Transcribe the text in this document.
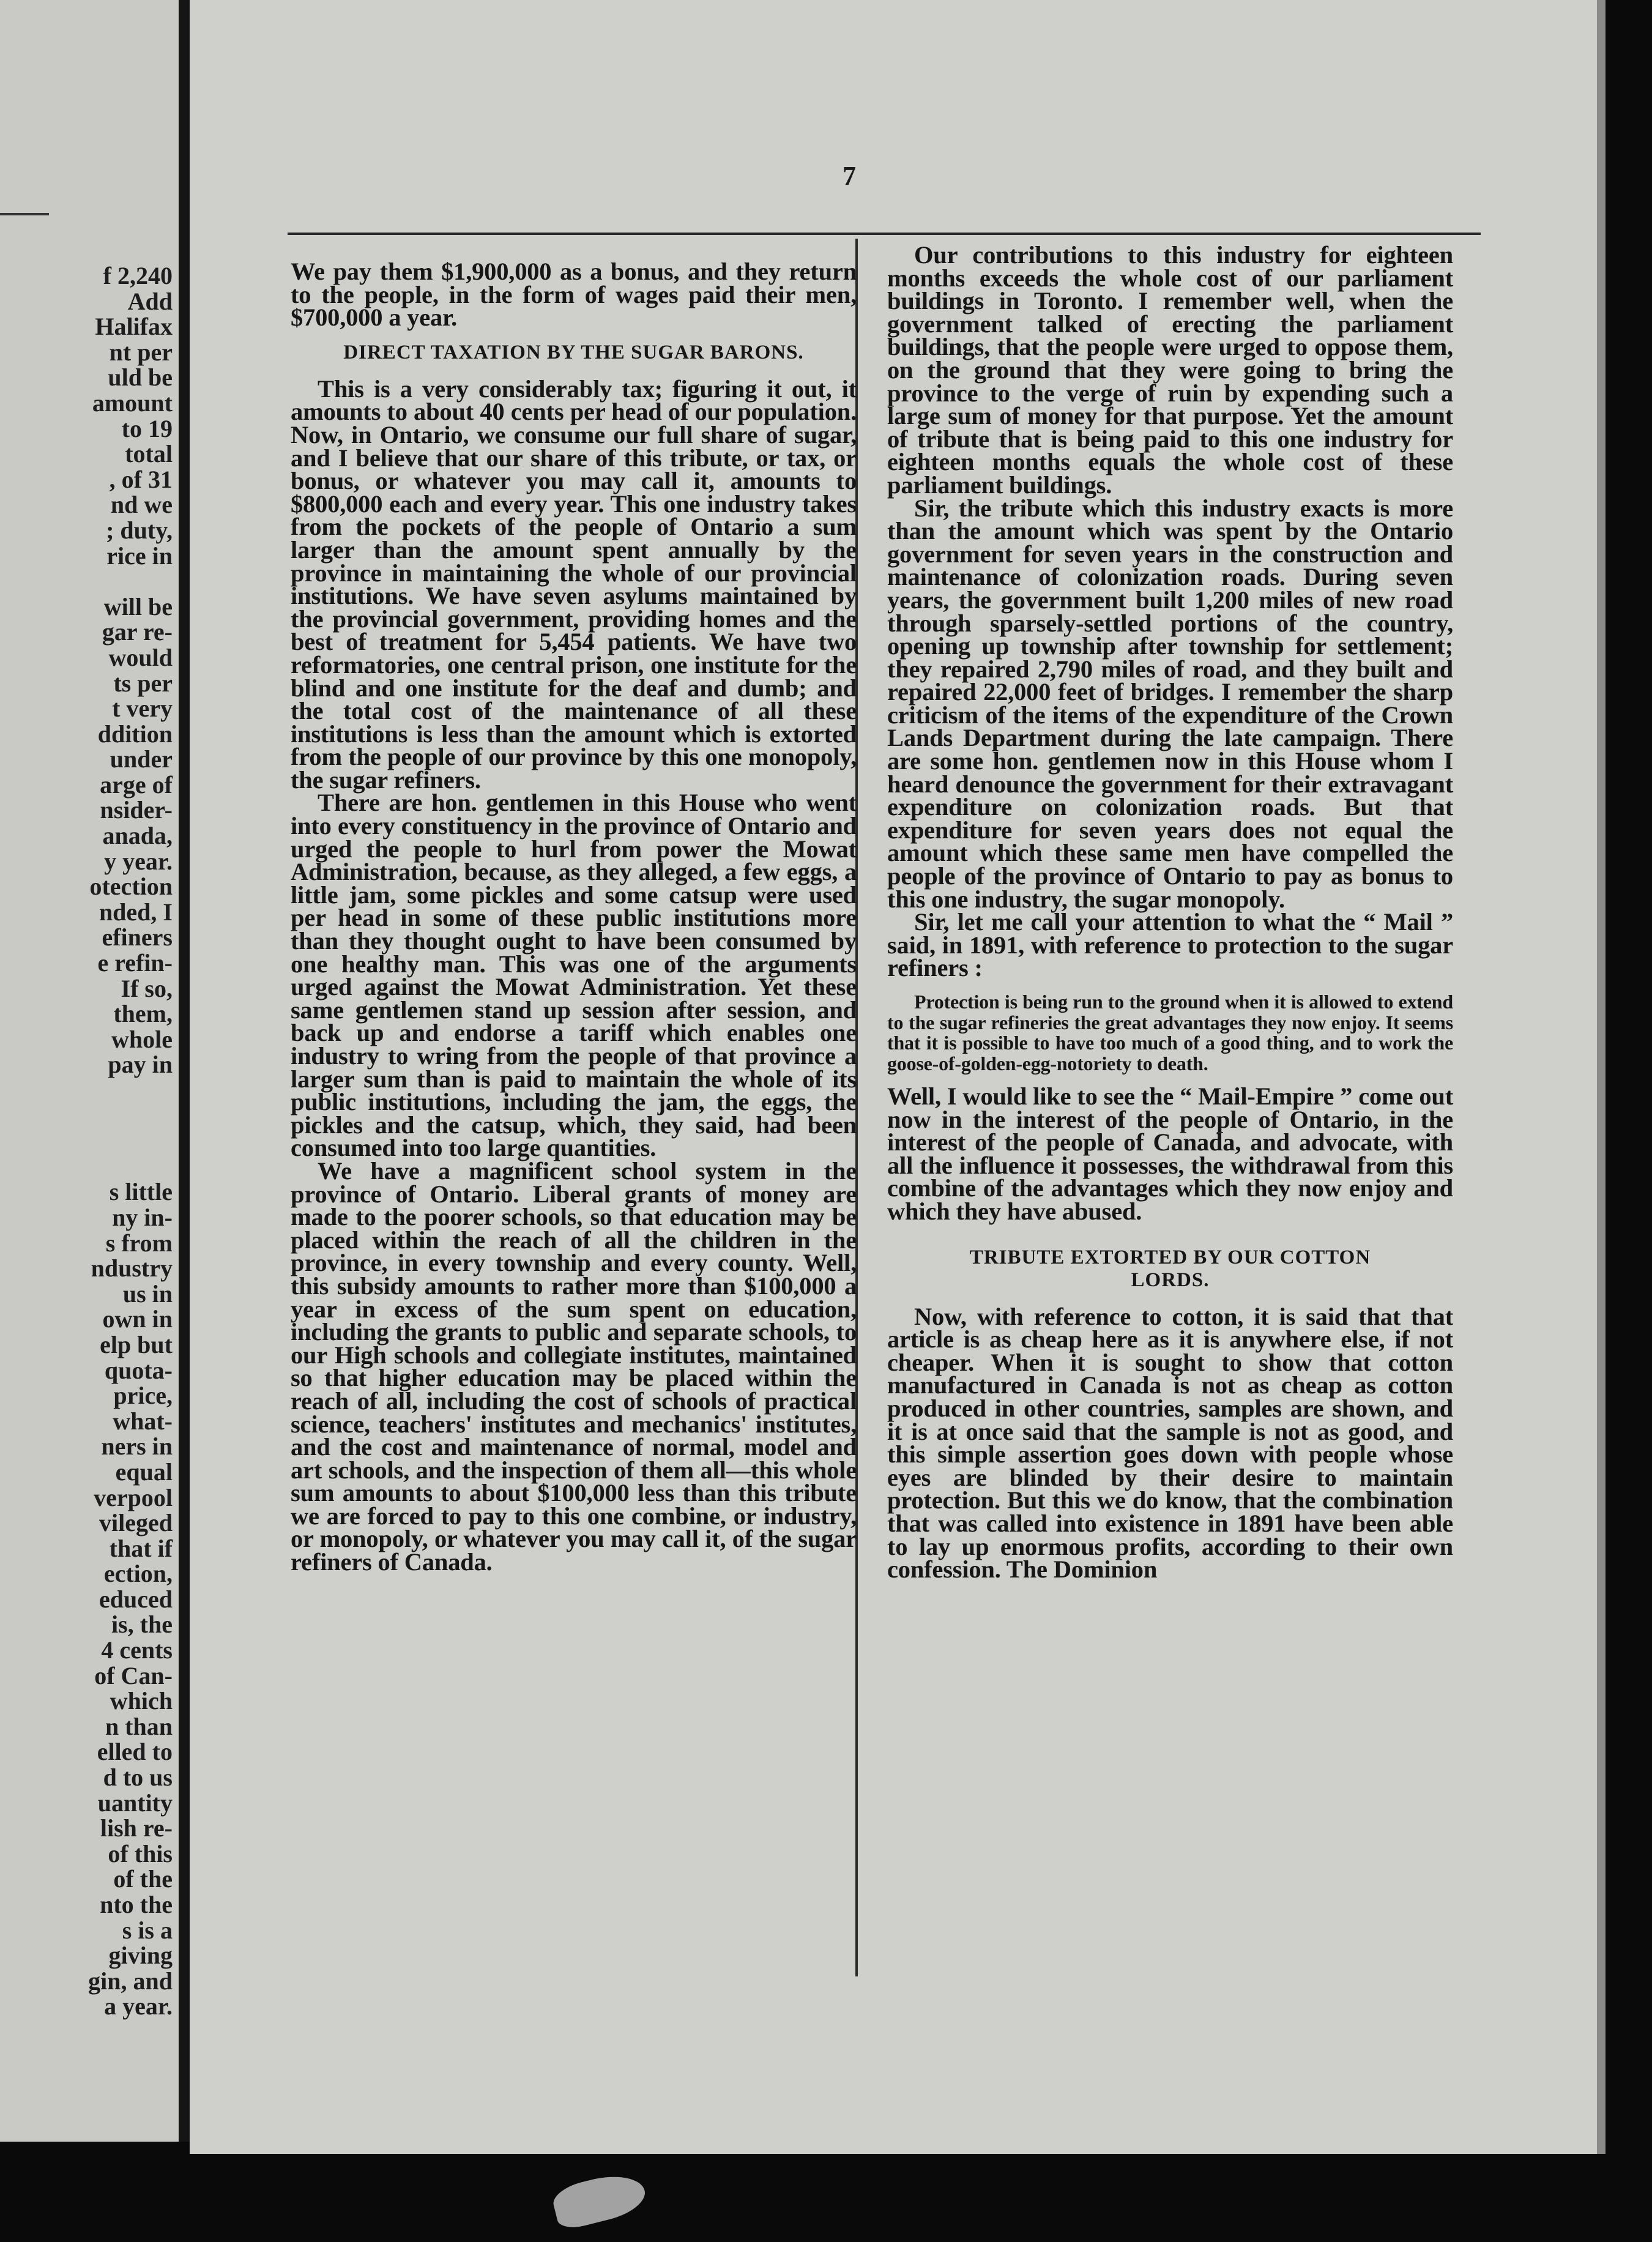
f 2,240
Add
Halifax
nt per
uld be
amount
to 19
total
, of 31
nd we
; duty,
rice in

will be
gar re-
would
ts per
t very
ddition
under
arge of
nsider-
anada,
y year.
otection
nded, I
efiners
e refin-
If so,
them,
whole
pay in

s little
ny in-
s from
ndustry
us in
own in
elp but
quota-
price,
what-
ners in
equal
verpool
vileged
that if
ection,
educed
is, the
4 cents
of Can-
which
n than
elled to
d to us
uantity
lish re-
of this
of the
nto the
s is a
giving
gin, and
a year.
7

We pay them $1,900,000 as a bonus, and they return to the people, in the form of wages paid their men, $700,000 a year.

DIRECT TAXATION BY THE SUGAR BARONS.

This is a very considerably tax; figuring it out, it amounts to about 40 cents per head of our population. Now, in Ontario, we consume our full share of sugar, and I believe that our share of this tribute, or tax, or bonus, or whatever you may call it, amounts to $800,000 each and every year. This one industry takes from the pockets of the people of Ontario a sum larger than the amount spent annually by the province in maintaining the whole of our provincial institutions. We have seven asylums maintained by the provincial government, providing homes and the best of treatment for 5,454 patients. We have two reformatories, one central prison, one institute for the blind and one institute for the deaf and dumb; and the total cost of the maintenance of all these institutions is less than the amount which is extorted from the people of our province by this one monopoly, the sugar refiners.

There are hon. gentlemen in this House who went into every constituency in the province of Ontario and urged the people to hurl from power the Mowat Administration, because, as they alleged, a few eggs, a little jam, some pickles and some catsup were used per head in some of these public institutions more than they thought ought to have been consumed by one healthy man. This was one of the arguments urged against the Mowat Administration. Yet these same gentlemen stand up session after session, and back up and endorse a tariff which enables one industry to wring from the people of that province a larger sum than is paid to maintain the whole of its public institutions, including the jam, the eggs, the pickles and the catsup, which, they said, had been consumed into too large quantities.

We have a magnificent school system in the province of Ontario. Liberal grants of money are made to the poorer schools, so that education may be placed within the reach of all the children in the province, in every township and every county. Well, this subsidy amounts to rather more than $100,000 a year in excess of the sum spent on education, including the grants to public and separate schools, to our High schools and collegiate institutes, maintained so that higher education may be placed within the reach of all, including the cost of schools of practical science, teachers' institutes and mechanics' institutes, and the cost and maintenance of normal, model and art schools, and the inspection of them all—this whole sum amounts to about $100,000 less than this tribute we are forced to pay to this one combine, or industry, or monopoly, or whatever you may call it, of the sugar refiners of Canada.

Our contributions to this industry for eighteen months exceeds the whole cost of our parliament buildings in Toronto. I remember well, when the government talked of erecting the parliament buildings, that the people were urged to oppose them, on the ground that they were going to bring the province to the verge of ruin by expending such a large sum of money for that purpose. Yet the amount of tribute that is being paid to this one industry for eighteen months equals the whole cost of these parliament buildings.

Sir, the tribute which this industry exacts is more than the amount which was spent by the Ontario government for seven years in the construction and maintenance of colonization roads. During seven years, the government built 1,200 miles of new road through sparsely-settled portions of the country, opening up township after township for settlement; they repaired 2,790 miles of road, and they built and repaired 22,000 feet of bridges. I remember the sharp criticism of the items of the expenditure of the Crown Lands Department during the late campaign. There are some hon. gentlemen now in this House whom I heard denounce the government for their extravagant expenditure on colonization roads. But that expenditure for seven years does not equal the amount which these same men have compelled the people of the province of Ontario to pay as bonus to this one industry, the sugar monopoly.

Sir, let me call your attention to what the “ Mail ” said, in 1891, with reference to protection to the sugar refiners :

Protection is being run to the ground when it is allowed to extend to the sugar refineries the great advantages they now enjoy. It seems that it is possible to have too much of a good thing, and to work the goose-of-golden-egg-notoriety to death.

Well, I would like to see the “ Mail-Empire ” come out now in the interest of the people of Ontario, in the interest of the people of Canada, and advocate, with all the influence it possesses, the withdrawal from this combine of the advantages which they now enjoy and which they have abused.

TRIBUTE EXTORTED BY OUR COTTON LORDS.

Now, with reference to cotton, it is said that that article is as cheap here as it is anywhere else, if not cheaper. When it is sought to show that cotton manufactured in Canada is not as cheap as cotton produced in other countries, samples are shown, and it is at once said that the sample is not as good, and this simple assertion goes down with people whose eyes are blinded by their desire to maintain protection. But this we do know, that the combination that was called into existence in 1891 have been able to lay up enormous profits, according to their own confession. The Dominion
